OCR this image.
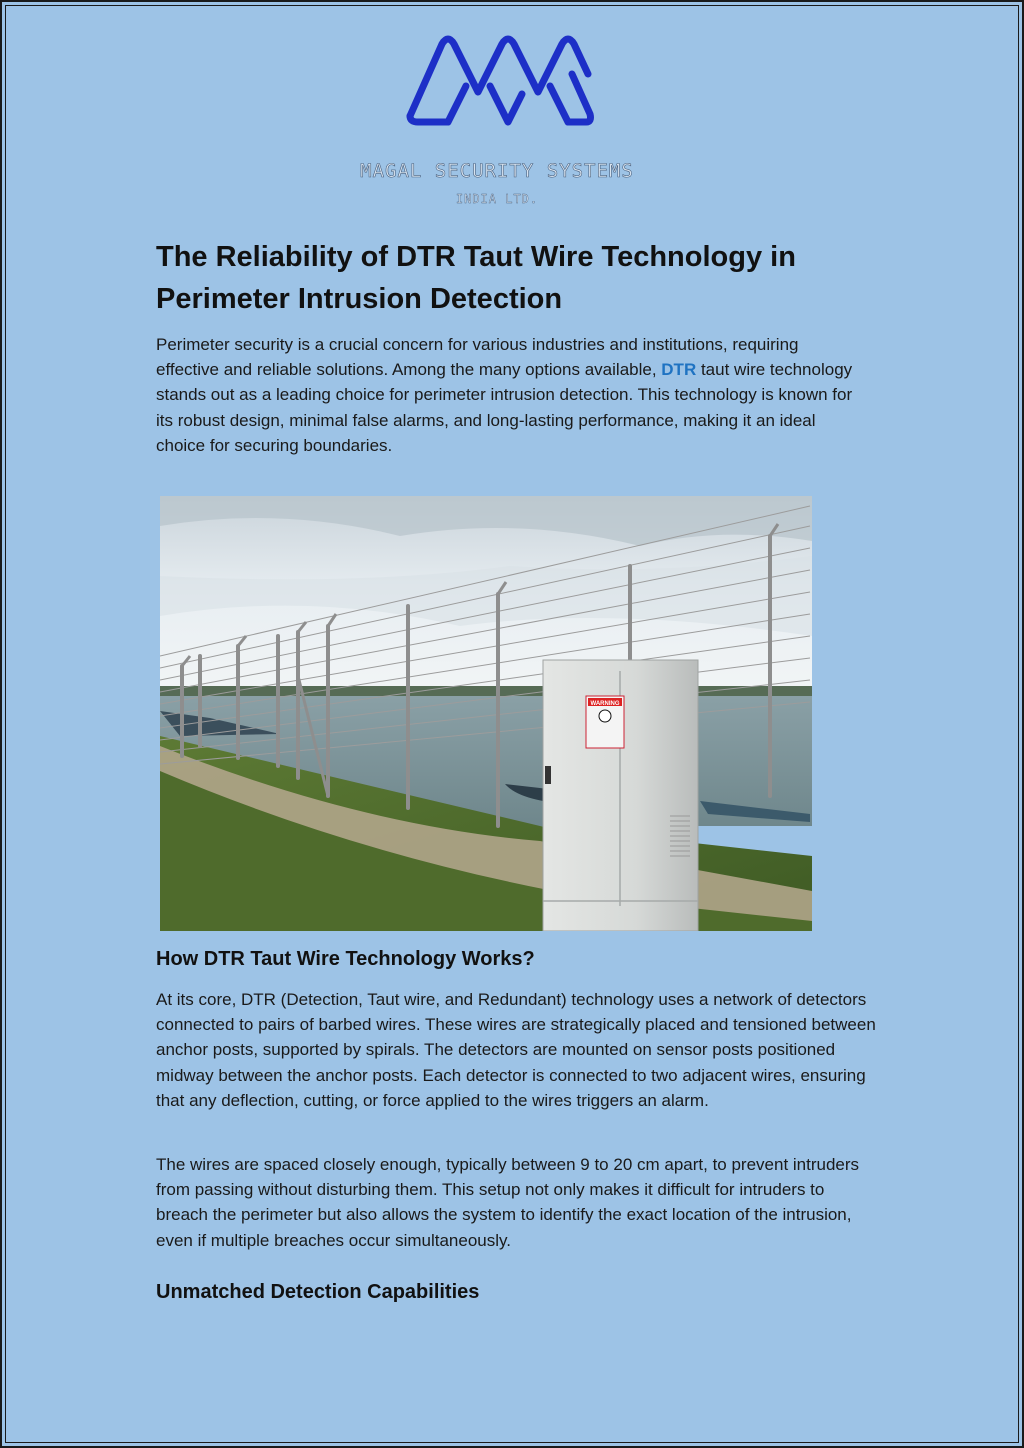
MAGAL SECURITY SYSTEMS
INDIA LTD.
The Reliability of DTR Taut Wire Technology in Perimeter Intrusion Detection

Perimeter security is a crucial concern for various industries and institutions, requiring effective and reliable solutions. Among the many options available, DTR taut wire technology stands out as a leading choice for perimeter intrusion detection. This technology is known for its robust design, minimal false alarms, and long-lasting performance, making it an ideal choice for securing boundaries.

WARNING
How DTR Taut Wire Technology Works?

At its core, DTR (Detection, Taut wire, and Redundant) technology uses a network of detectors connected to pairs of barbed wires. These wires are strategically placed and tensioned between anchor posts, supported by spirals. The detectors are mounted on sensor posts positioned midway between the anchor posts. Each detector is connected to two adjacent wires, ensuring that any deflection, cutting, or force applied to the wires triggers an alarm.

The wires are spaced closely enough, typically between 9 to 20 cm apart, to prevent intruders from passing without disturbing them. This setup not only makes it difficult for intruders to breach the perimeter but also allows the system to identify the exact location of the intrusion, even if multiple breaches occur simultaneously.

Unmatched Detection Capabilities
